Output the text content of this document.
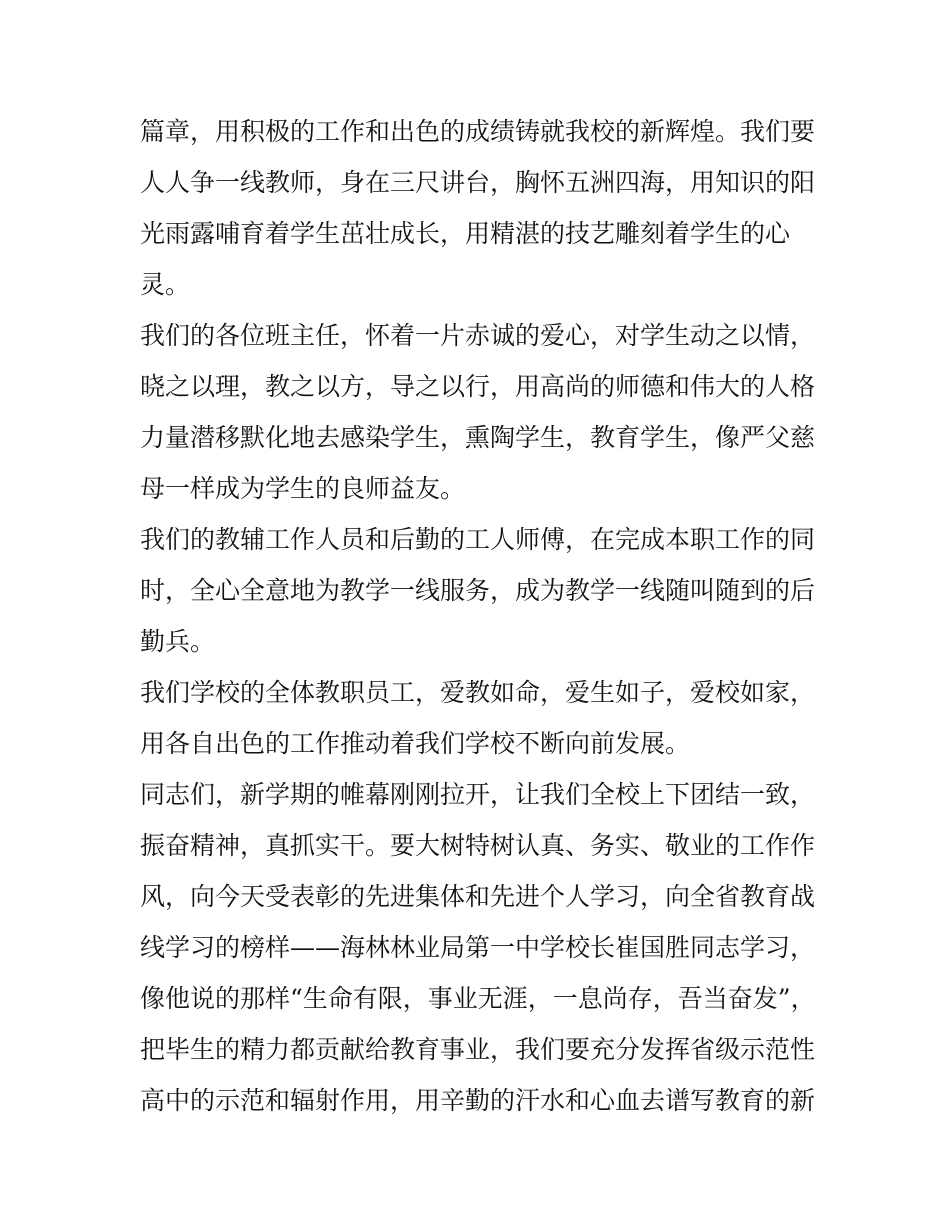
篇章，用积极的工作和出色的成绩铸就我校的新辉煌。我们要
人人争一线教师，身在三尺讲台，胸怀五洲四海，用知识的阳
光雨露哺育着学生茁壮成长，用精湛的技艺雕刻着学生的心
灵。
我们的各位班主任，怀着一片赤诚的爱心，对学生动之以情，
晓之以理，教之以方，导之以行，用高尚的师德和伟大的人格
力量潜移默化地去感染学生，熏陶学生，教育学生，像严父慈
母一样成为学生的良师益友。
我们的教辅工作人员和后勤的工人师傅，在完成本职工作的同
时，全心全意地为教学一线服务，成为教学一线随叫随到的后
勤兵。
我们学校的全体教职员工，爱教如命，爱生如子，爱校如家，
用各自出色的工作推动着我们学校不断向前发展。
同志们，新学期的帷幕刚刚拉开，让我们全校上下团结一致，
振奋精神，真抓实干。要大树特树认真、务实、敬业的工作作
风，向今天受表彰的先进集体和先进个人学习，向全省教育战
线学习的榜样——海林林业局第一中学校长崔国胜同志学习，
像他说的那样“生命有限，事业无涯，一息尚存，吾当奋发”，
把毕生的精力都贡献给教育事业，我们要充分发挥省级示范性
高中的示范和辐射作用，用辛勤的汗水和心血去谱写教育的新
